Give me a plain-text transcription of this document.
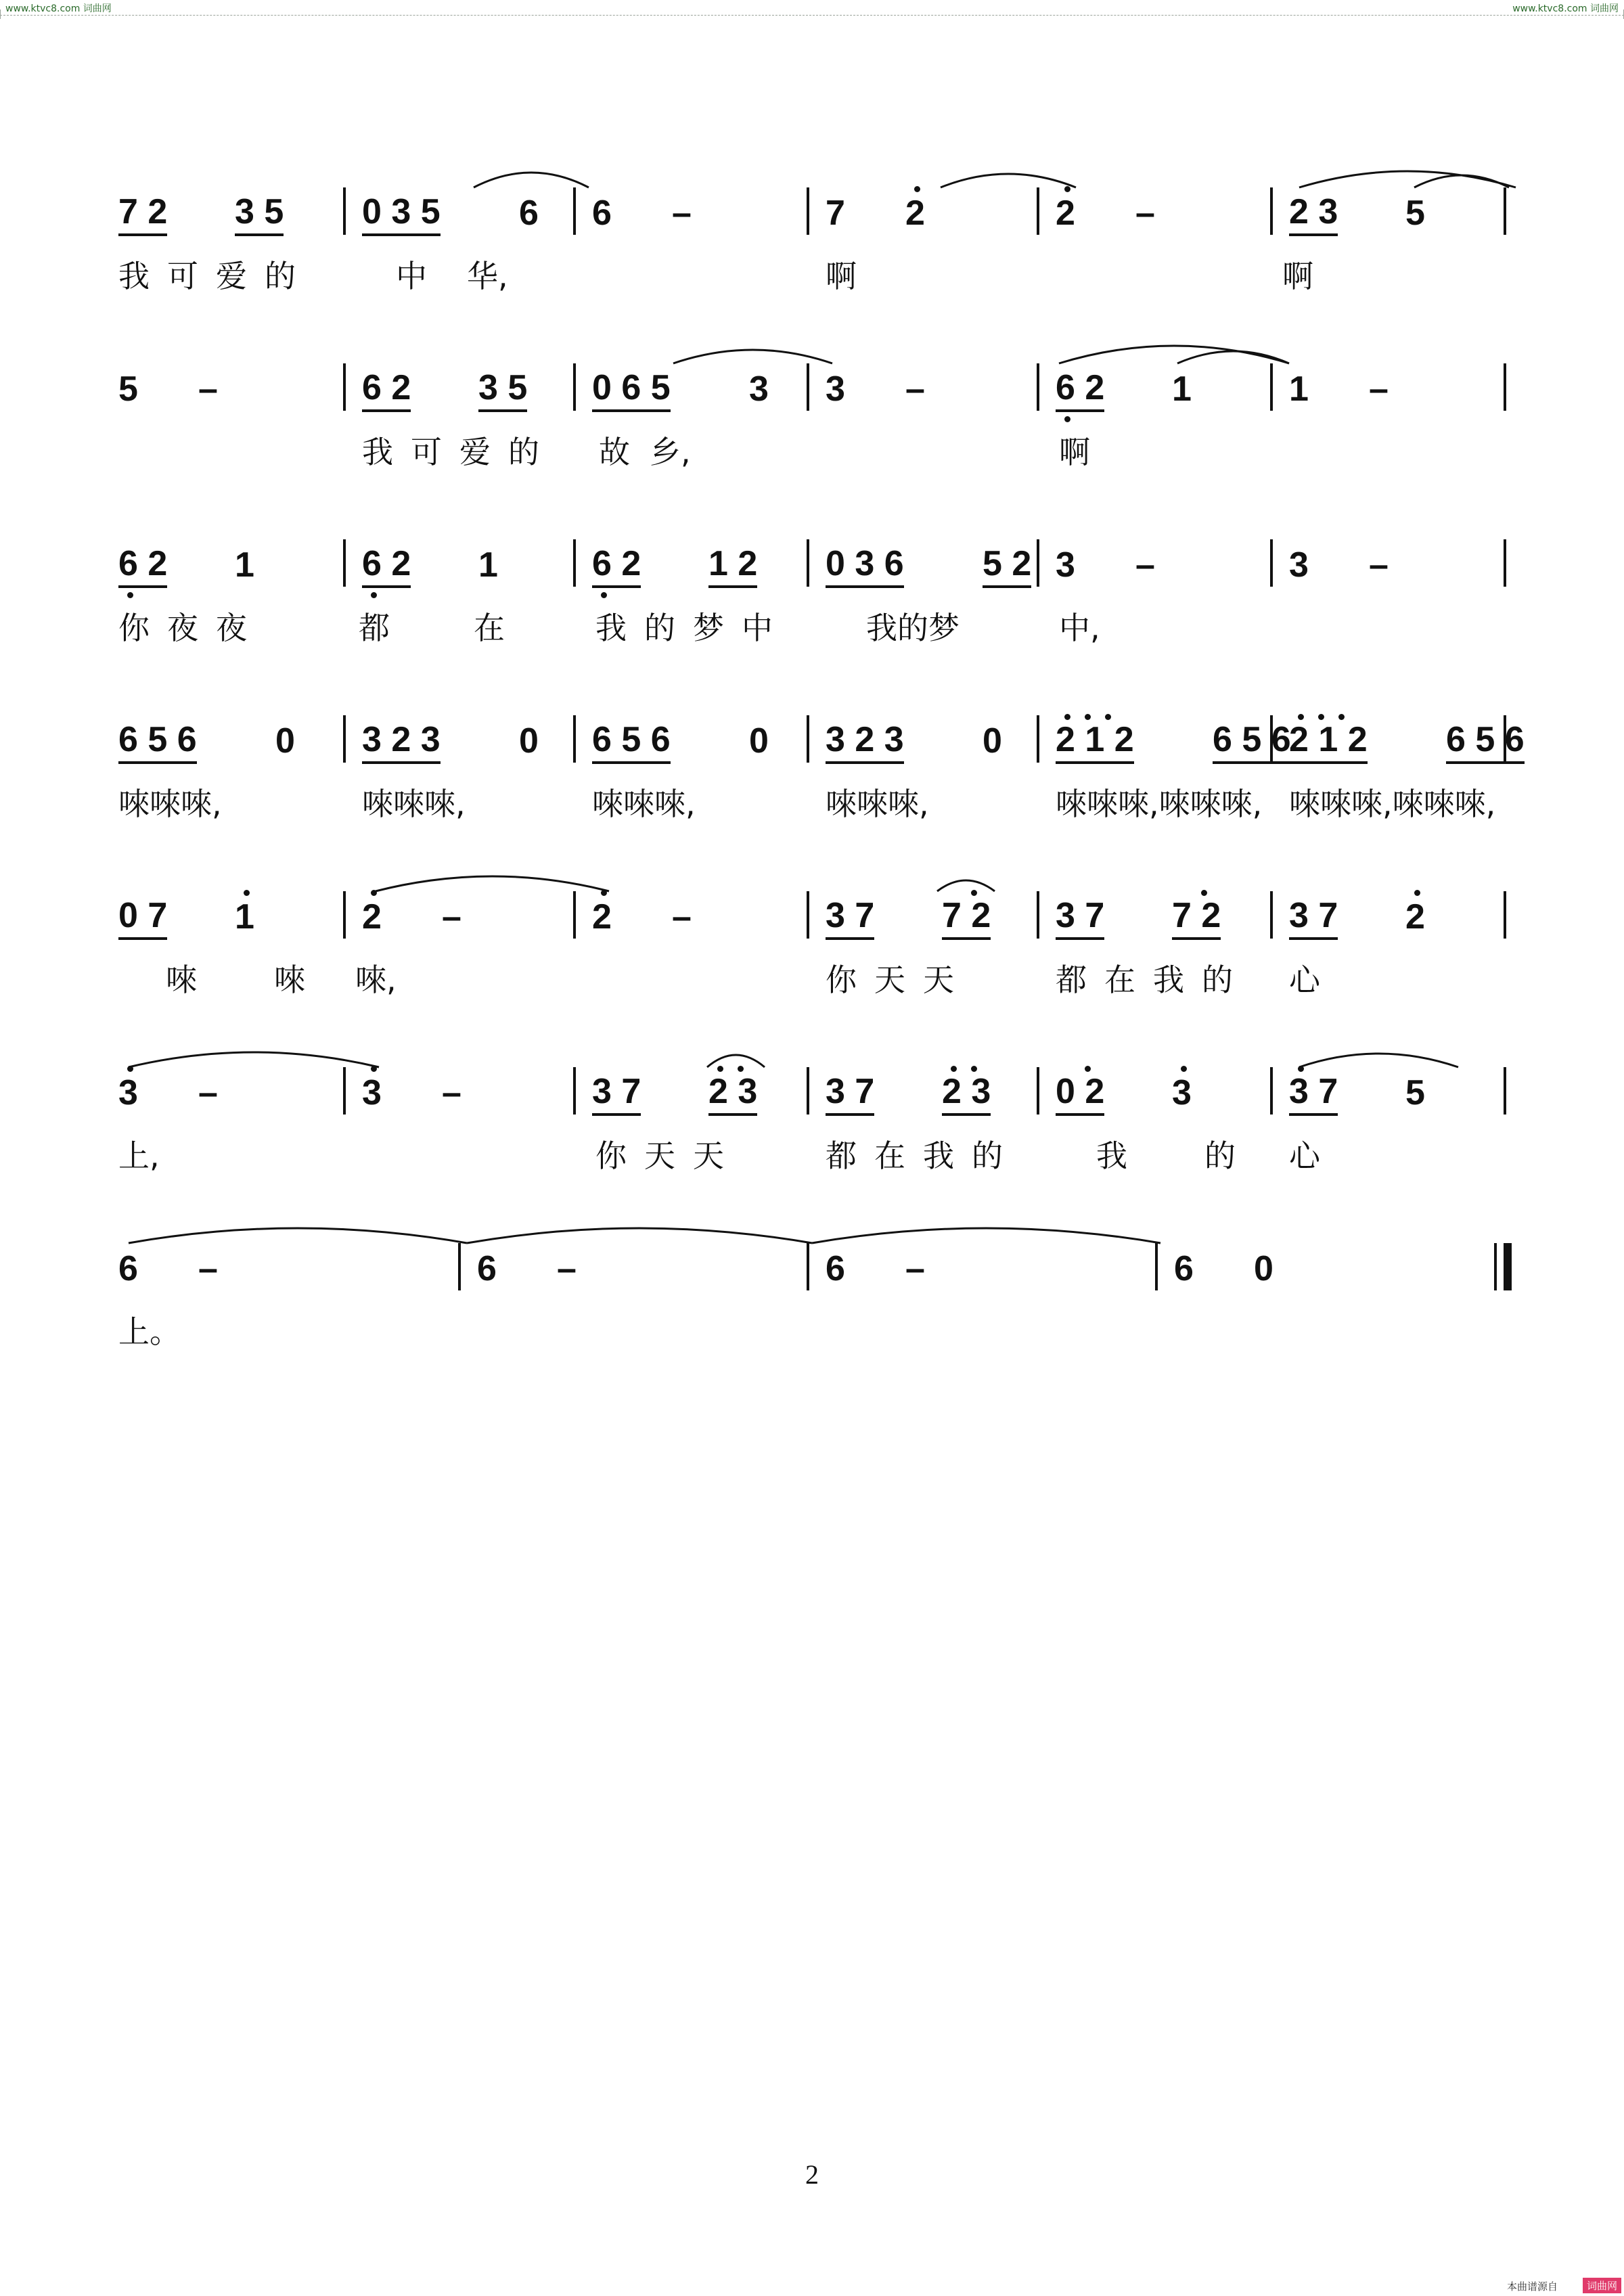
www.ktvc8.com 词曲网	www.ktvc8.com 词曲网
7 2 3 5 0 3 5 6 6 –	7 2	2 –	2 3 5
我可爱的	中 华,	啊	啊
5 –	6 2 3 5 0 6 5 3 3 –	6 2 1	1 –
我可爱的 故 乡,	啊
6 2 1	6 2 1	6 2 1 2 0 3 6 5 2 3 –	3 –
你夜夜	都	在	我的梦中 我的梦	中,
6 5 6 0 3 2 3 0 6 5 6 0 3 2 3 0 2 1 2 6 5 6
2 1 2 6 5 6
唻唻唻,	唻唻唻,	唻唻唻,	唻唻唻,	唻唻唻,唻唻唻, 唻唻唻,唻唻唻,
0 7 1	2 –	2 –	3 7 7 2 3 7 7 2 3 7 2
唻 唻 唻,	你天天	都在我的 心
3 –	3 –	3 7 2 3 3 7 2 3 0 2 3	3 7 5
上,	你天天	都在我的 我 的 心
6 –	6 –	6 –	6 0
上。
2
本曲谱源自	词曲网
